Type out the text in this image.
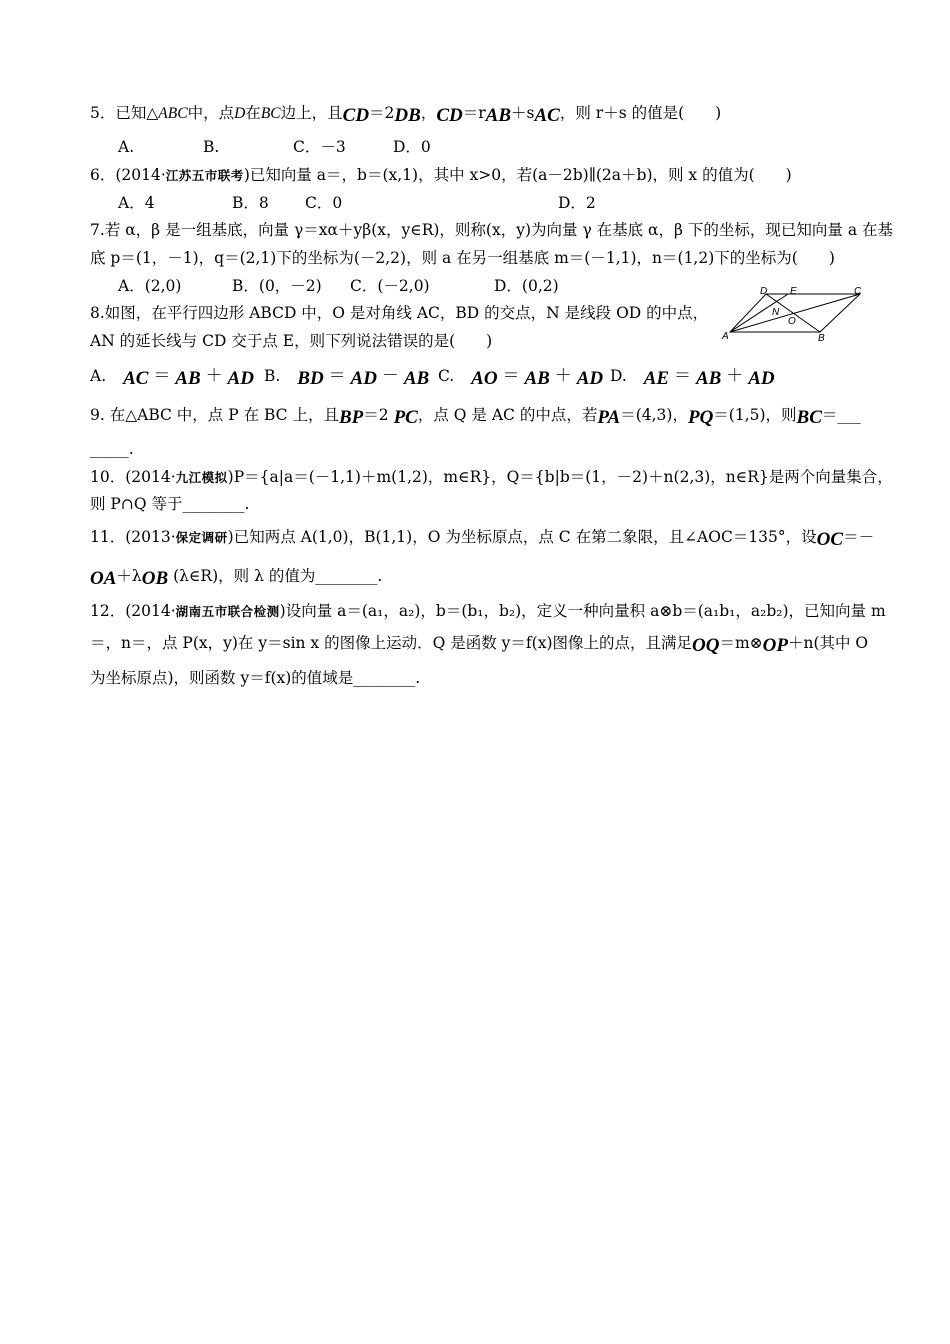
5．已知△ABC中，点D在BC边上，且CD＝2DB，CD＝rAB＋sAC，则 r＋s 的值是(　　)
A.	B.	C．－3	D．0
6．(2014·江苏五市联考)已知向量 a＝，b＝(x,1)，其中 x>0，若(a－2b)∥(2a＋b)，则 x 的值为(　　)
A．4	B．8 C．0	D．2
7.若 α，β 是一组基底，向量 γ＝xα＋yβ(x，y∈R)，则称(x，y)为向量 γ 在基底 α，β 下的坐标，现已知向量 a 在基
底 p＝(1，－1)，q＝(2,1)下的坐标为(－2,2)，则 a 在另一组基底 m＝(－1,1)，n＝(1,2)下的坐标为(　　)
A．(2,0)	B．(0，－2) C．(－2,0)	D．(0,2)
8.如图，在平行四边形 ABCD 中，O 是对角线 AC，BD 的交点，N 是线段 OD 的中点，
AN 的延长线与 CD 交于点 E，则下列说法错误的是(　　)
D E	C
N
O
A	B
A. AC ＝ AB ＋ AD B. BD ＝ AD － AB C. AO ＝ AB ＋ AD D. AE ＝ AB ＋ AD
9. 在△ABC 中，点 P 在 BC 上，且BP＝2 PC，点 Q 是 AC 的中点，若PA＝(4,3)，PQ＝(1,5)，则BC＝___
_____.
10．(2014·九江模拟)P＝{a|a＝(－1,1)＋m(1,2)，m∈R}，Q＝{b|b＝(1，－2)＋n(2,3)，n∈R}是两个向量集合，
则 P∩Q 等于________.
11．(2013·保定调研)已知两点 A(1,0)，B(1,1)，O 为坐标原点，点 C 在第二象限，且∠AOC＝135°，设OC＝－
OA＋λOB (λ∈R)，则 λ 的值为________.
12．(2014·湖南五市联合检测)设向量 a＝(a₁，a₂)，b＝(b₁，b₂)，定义一种向量积 a⊗b＝(a₁b₁，a₂b₂)，已知向量 m
＝，n＝，点 P(x，y)在 y＝sin x 的图像上运动．Q 是函数 y＝f(x)图像上的点，且满足OQ＝m⊗OP＋n(其中 O
为坐标原点)，则函数 y＝f(x)的值域是________.
